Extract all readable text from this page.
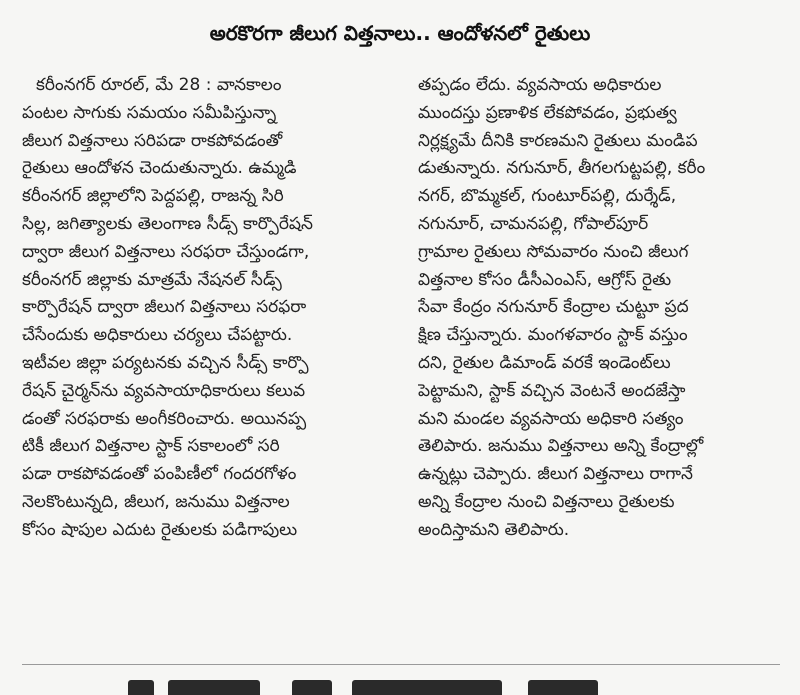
అరకొరగా జీలుగ విత్తనాలు.. ఆందోళనలో రైతులు
కరీంనగర్ రూరల్, మే 28 : వానకాలం
పంటల సాగుకు సమయం సమీపిస్తున్నా
జీలుగ విత్తనాలు సరిపడా రాకపోవడంతో
రైతులు ఆందోళన చెందుతున్నారు. ఉమ్మడి
కరీంనగర్ జిల్లాలోని పెద్దపల్లి, రాజన్న సిరి
సిల్ల, జగిత్యాలకు తెలంగాణ సీడ్స్ కార్పొరేషన్
ద్వారా జీలుగ విత్తనాలు సరఫరా చేస్తుండగా,
కరీంనగర్ జిల్లాకు మాత్రమే నేషనల్ సీడ్స్
కార్పొరేషన్ ద్వారా జీలుగ విత్తనాలు సరఫరా
చేసేందుకు అధికారులు చర్యలు చేపట్టారు.
ఇటీవల జిల్లా పర్యటనకు వచ్చిన సీడ్స్ కార్పొ
రేషన్ చైర్మన్‌ను వ్యవసాయాధికారులు కలువ
డంతో సరఫరాకు అంగీకరించారు. అయినప్ప
టికీ జీలుగ విత్తనాల స్టాక్ సకాలంలో సరి
పడా రాకపోవడంతో పంపిణీలో గందరగోళం
నెలకొంటున్నది, జీలుగ, జనుము విత్తనాల
కోసం షాపుల ఎదుట రైతులకు పడిగాపులు
తప్పడం లేదు. వ్యవసాయ అధికారుల
ముందస్తు ప్రణాళిక లేకపోవడం, ప్రభుత్వ
నిర్లక్ష్యమే దీనికి కారణమని రైతులు మండిప
డుతున్నారు. నగునూర్, తీగలగుట్టపల్లి, కరీం
నగర్, బొమ్మకల్, గుంటూర్‌పల్లి, దుర్శేడ్,
నగునూర్, చామనపల్లి, గోపాల్‌పూర్
గ్రామాల రైతులు సోమవారం నుంచి జీలుగ
విత్తనాల కోసం డీసీఎంఎస్, ఆగ్రోస్ రైతు
సేవా కేంద్రం నగునూర్ కేంద్రాల చుట్టూ ప్రద
క్షిణ చేస్తున్నారు. మంగళవారం స్టాక్ వస్తుం
దని, రైతుల డిమాండ్ వరకే ఇండెంట్‌లు
పెట్టామని, స్టాక్ వచ్చిన వెంటనే అందజేస్తా
మని మండల వ్యవసాయ అధికారి సత్యం
తెలిపారు. జనుము విత్తనాలు అన్ని కేంద్రాల్లో
ఉన్నట్లు చెప్పారు. జీలుగ విత్తనాలు రాగానే
అన్ని కేంద్రాల నుంచి విత్తనాలు రైతులకు
అందిస్తామని తెలిపారు.
